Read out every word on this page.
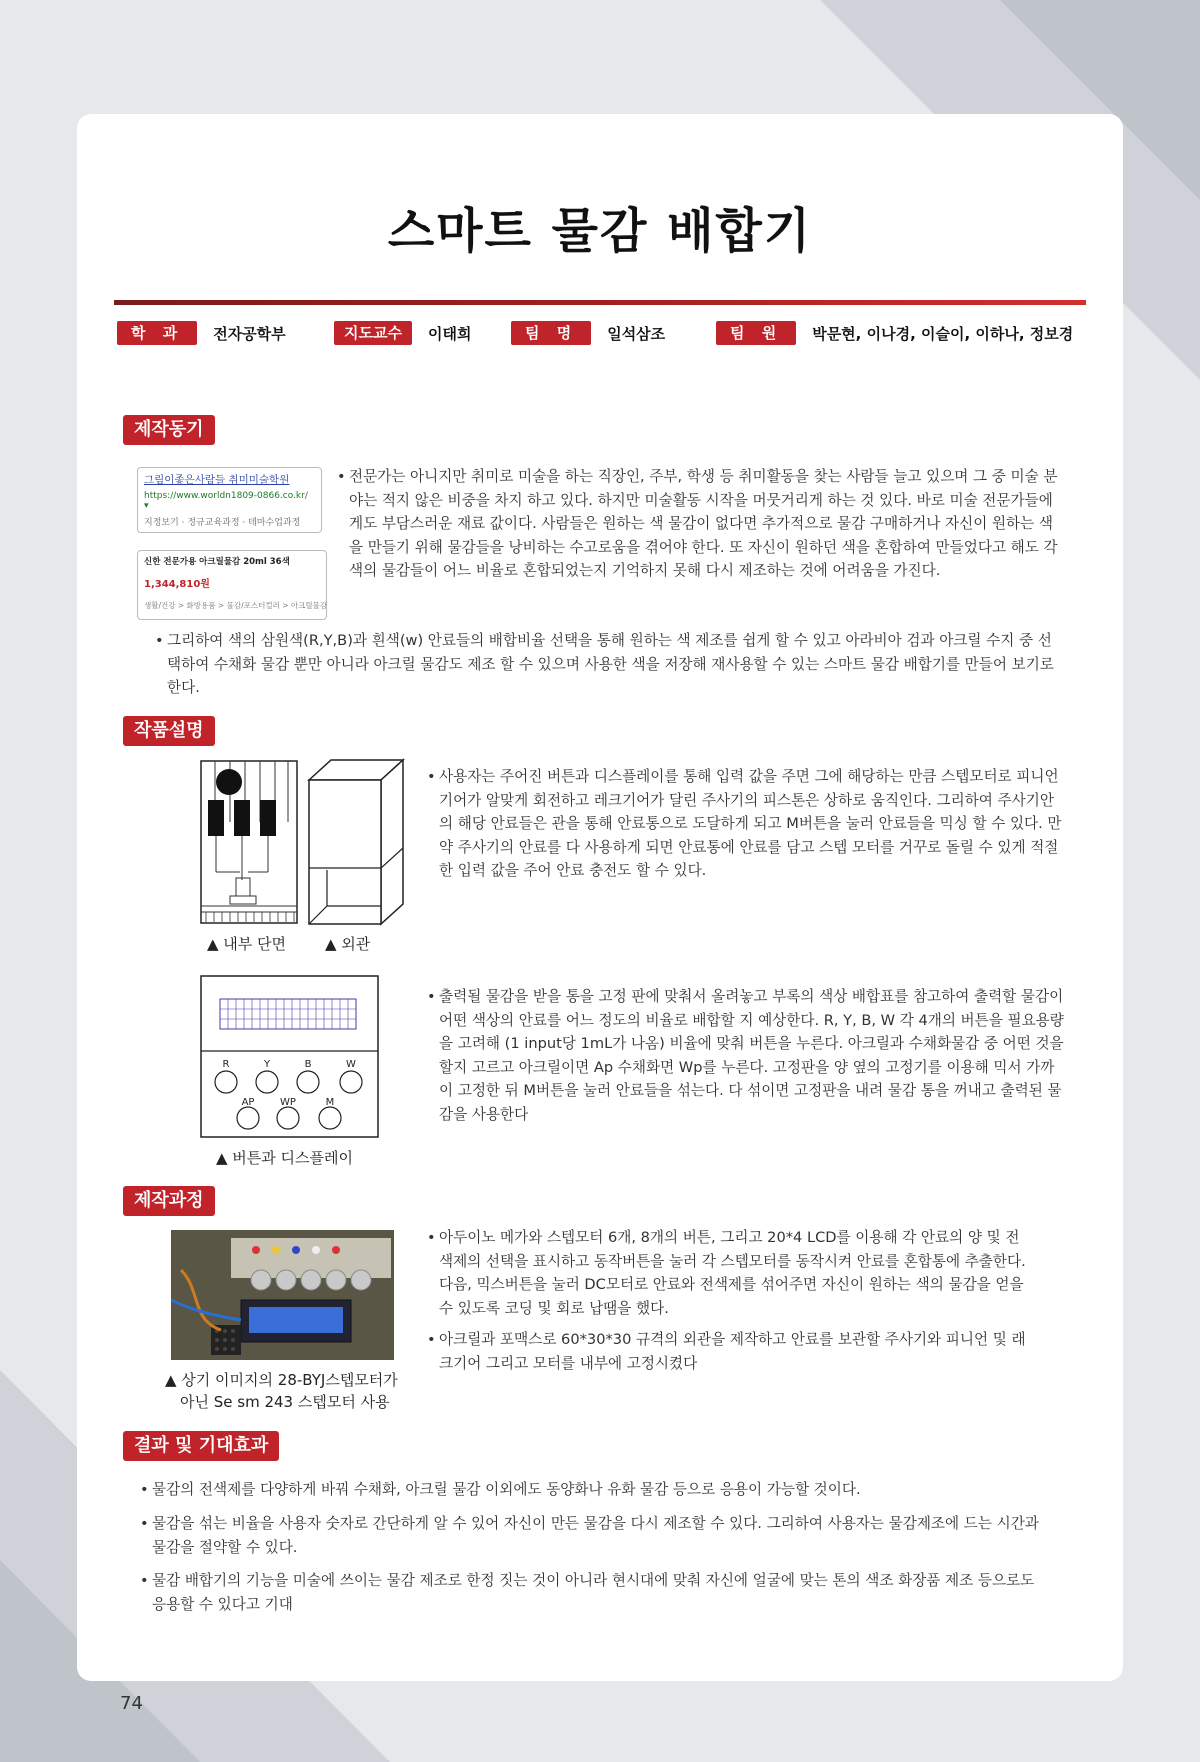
스마트 물감 배합기
학 과	전자공학부	지도교수	이태희	팀 명	일석삼조	팀 원	박문현, 이나경, 이슬이, 이하나, 정보경
제작동기
그림이좋은사람들 취미미술학원
https://www.worldn1809-0866.co.kr/ ▾
지정보기 · 정규교육과정 · 테마수업과정
신한 전문가용 아크릴물감 20ml 36색
1,344,810원
생활/건강 > 화방용품 > 물감/포스터컬러 > 아크릴물감
• 전문가는 아니지만 취미로 미술을 하는 직장인, 주부, 학생 등 취미활동을 찾는 사람들 늘고 있으며 그 중 미술 분야는 적지 않은 비중을 차지 하고 있다. 하지만 미술활동 시작을 머뭇거리게 하는 것 있다. 바로 미술 전문가들에게도 부담스러운 재료 값이다. 사람들은 원하는 색 물감이 없다면 추가적으로 물감 구매하거나 자신이 원하는 색을 만들기 위해 물감들을 낭비하는 수고로움을 겪어야 한다. 또 자신이 원하던 색을 혼합하여 만들었다고 해도 각 색의 물감들이 어느 비율로 혼합되었는지 기억하지 못해 다시 제조하는 것에 어려움을 가진다.
• 그리하여 색의 삼원색(R,Y,B)과 흰색(w) 안료들의 배합비율 선택을 통해 원하는 색 제조를 쉽게 할 수 있고 아라비아 검과 아크릴 수지 중 선택하여 수채화 물감 뿐만 아니라 아크릴 물감도 제조 할 수 있으며 사용한 색을 저장해 재사용할 수 있는 스마트 물감 배합기를 만들어 보기로 한다.
작품설명
▲ 내부 단면	▲ 외관
• 사용자는 주어진 버튼과 디스플레이를 통해 입력 값을 주면 그에 해당하는 만큼 스텝모터로 피니언 기어가 알맞게 회전하고 레크기어가 달린 주사기의 피스톤은 상하로 움직인다. 그리하여 주사기안의 해당 안료들은 관을 통해 안료통으로 도달하게 되고 M버튼을 눌러 안료들을 믹싱 할 수 있다. 만약 주사기의 안료를 다 사용하게 되면 안료통에 안료를 담고 스텝 모터를 거꾸로 돌릴 수 있게 적절한 입력 값을 주어 안료 충전도 할 수 있다.
R	Y	B	W
AP	WP	M
▲ 버튼과 디스플레이
• 출력될 물감을 받을 통을 고정 판에 맞춰서 올려놓고 부록의 색상 배합표를 참고하여 출력할 물감이 어떤 색상의 안료를 어느 정도의 비율로 배합할 지 예상한다. R, Y, B, W 각 4개의 버튼을 필요용량을 고려해 (1 input당 1mL가 나옴) 비율에 맞춰 버튼을 누른다. 아크릴과 수채화물감 중 어떤 것을 할지 고르고 아크릴이면 Ap 수채화면 Wp를 누른다. 고정판을 양 옆의 고정기를 이용해 믹서 가까이 고정한 뒤 M버튼을 눌러 안료들을 섞는다. 다 섞이면 고정판을 내려 물감 통을 꺼내고 출력된 물감을 사용한다
제작과정
▲ 상기 이미지의 28-BYJ스텝모터가
아닌 Se sm 243 스텝모터 사용
• 아두이노 메가와 스텝모터 6개, 8개의 버튼, 그리고 20*4 LCD를 이용해 각 안료의 양 및 전색제의 선택을 표시하고 동작버튼을 눌러 각 스텝모터를 동작시켜 안료를 혼합통에 추출한다. 다음, 믹스버튼을 눌러 DC모터로 안료와 전색제를 섞어주면 자신이 원하는 색의 물감을 얻을 수 있도록 코딩 및 회로 납땜을 했다.
• 아크릴과 포맥스로 60*30*30 규격의 외관을 제작하고 안료를 보관할 주사기와 피니언 및 래크기어 그리고 모터를 내부에 고정시켰다
결과 및 기대효과
• 물감의 전색제를 다양하게 바꿔 수채화, 아크릴 물감 이외에도 동양화나 유화 물감 등으로 응용이 가능할 것이다.
• 물감을 섞는 비율을 사용자 숫자로 간단하게 알 수 있어 자신이 만든 물감을 다시 제조할 수 있다. 그리하여 사용자는 물감제조에 드는 시간과 물감을 절약할 수 있다.
• 물감 배합기의 기능을 미술에 쓰이는 물감 제조로 한정 짓는 것이 아니라 현시대에 맞춰 자신에 얼굴에 맞는 톤의 색조 화장품 제조 등으로도 응용할 수 있다고 기대
74
